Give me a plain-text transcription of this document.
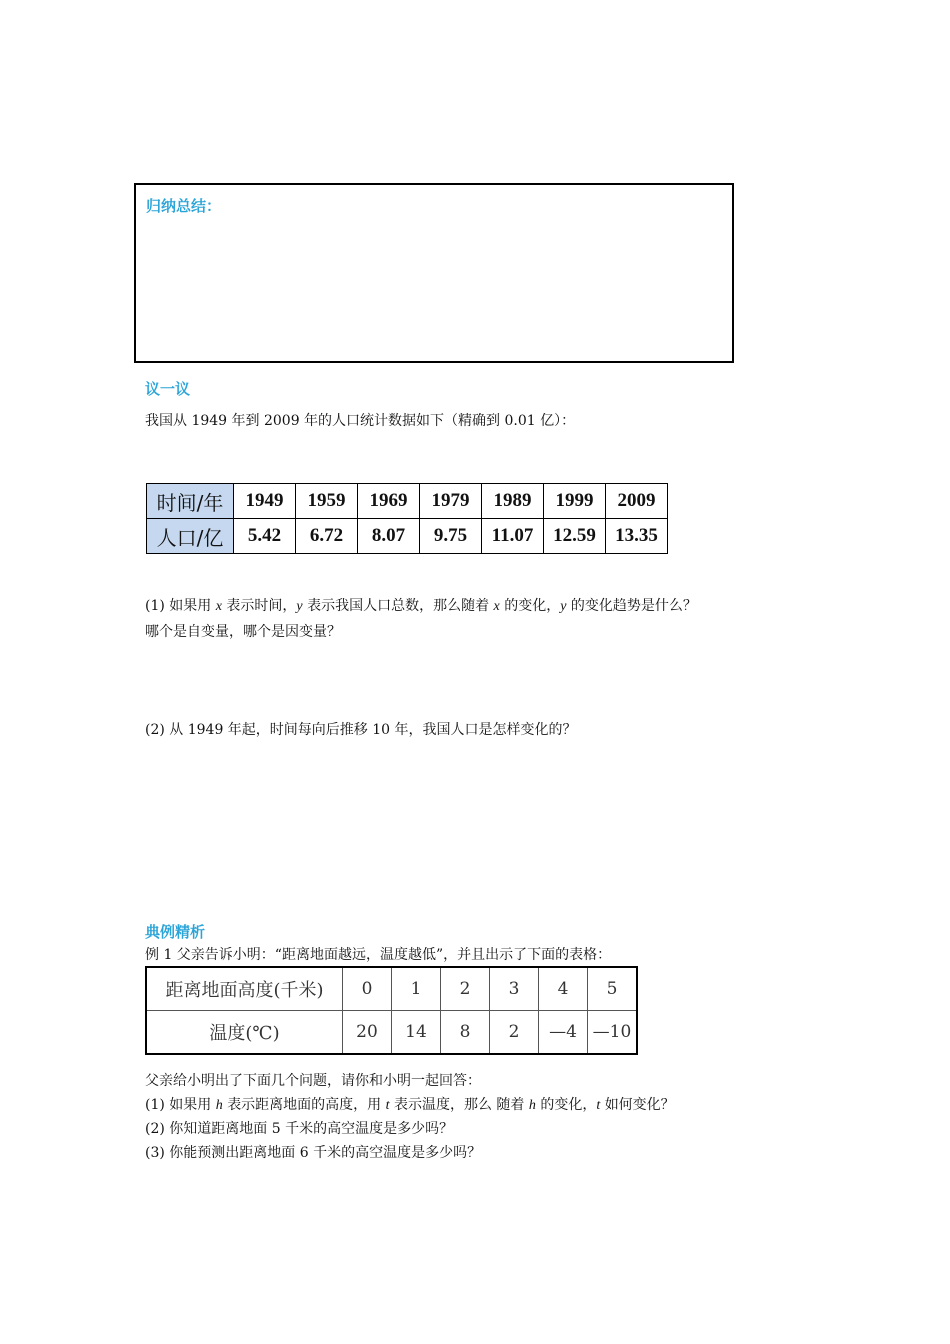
归纳总结：
议一议
我国从 1949 年到 2009 年的人口统计数据如下（精确到 0.01 亿）：
时间/年	1949	1959	1969	1979	1989	1999	2009
人口/亿	5.42	6.72	8.07	9.75	11.07	12.59	13.35
(1) 如果用 x 表示时间，y 表示我国人口总数，那么随着 x 的变化，y 的变化趋势是什么？
哪个是自变量，哪个是因变量？
(2) 从 1949 年起，时间每向后推移 10 年，我国人口是怎样变化的？
典例精析
例 1 父亲告诉小明：“距离地面越远，温度越低”，并且出示了下面的表格：
距离地面高度(千米)	0	1	2	3	4	5
温度(℃)	20	14	8	2	—4	—10
父亲给小明出了下面几个问题，请你和小明一起回答：
(1) 如果用 h 表示距离地面的高度，用 t 表示温度，那么 随着 h 的变化，t 如何变化？
(2) 你知道距离地面 5 千米的高空温度是多少吗？
(3) 你能预测出距离地面 6 千米的高空温度是多少吗？
